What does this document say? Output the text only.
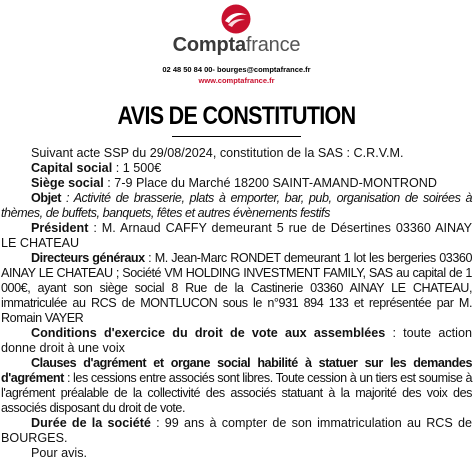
Comptafrance
02 48 50 84 00- bourges@comptafrance.fr
www.comptafrance.fr
AVIS DE CONSTITUTION

Suivant acte SSP du 29/08/2024, constitution de la SAS : C.R.V.M.

Capital social : 1 500€

Siège social : 7-9 Place du Marché 18200 SAINT-AMAND-MONTROND

Objet : Activité de brasserie, plats à emporter, bar, pub, organisation de soirées à thèmes, de buffets, banquets, fêtes et autres évènements festifs

Président : M. Arnaud CAFFY demeurant 5 rue de Désertines 03360 AINAY LE CHATEAU

Directeurs généraux : M. Jean-Marc RONDET demeurant 1 lot les bergeries 03360 AINAY LE CHATEAU ; Société VM HOLDING INVESTMENT FAMILY, SAS au capital de 1 000€, ayant son siège social 8 Rue de la Castinerie 03360 AINAY LE CHATEAU, immatriculée au RCS de MONTLUCON sous le n°931 894 133 et représentée par M. Romain VAYER

Conditions d'exercice du droit de vote aux assemblées : toute action donne droit à une voix

Clauses d'agrément et organe social habilité à statuer sur les demandes d'agrément : les cessions entre associés sont libres. Toute cession à un tiers est soumise à l'agrément préalable de la collectivité des associés statuant à la majorité des voix des associés disposant du droit de vote.

Durée de la société : 99 ans à compter de son immatriculation au RCS de BOURGES.

Pour avis.
